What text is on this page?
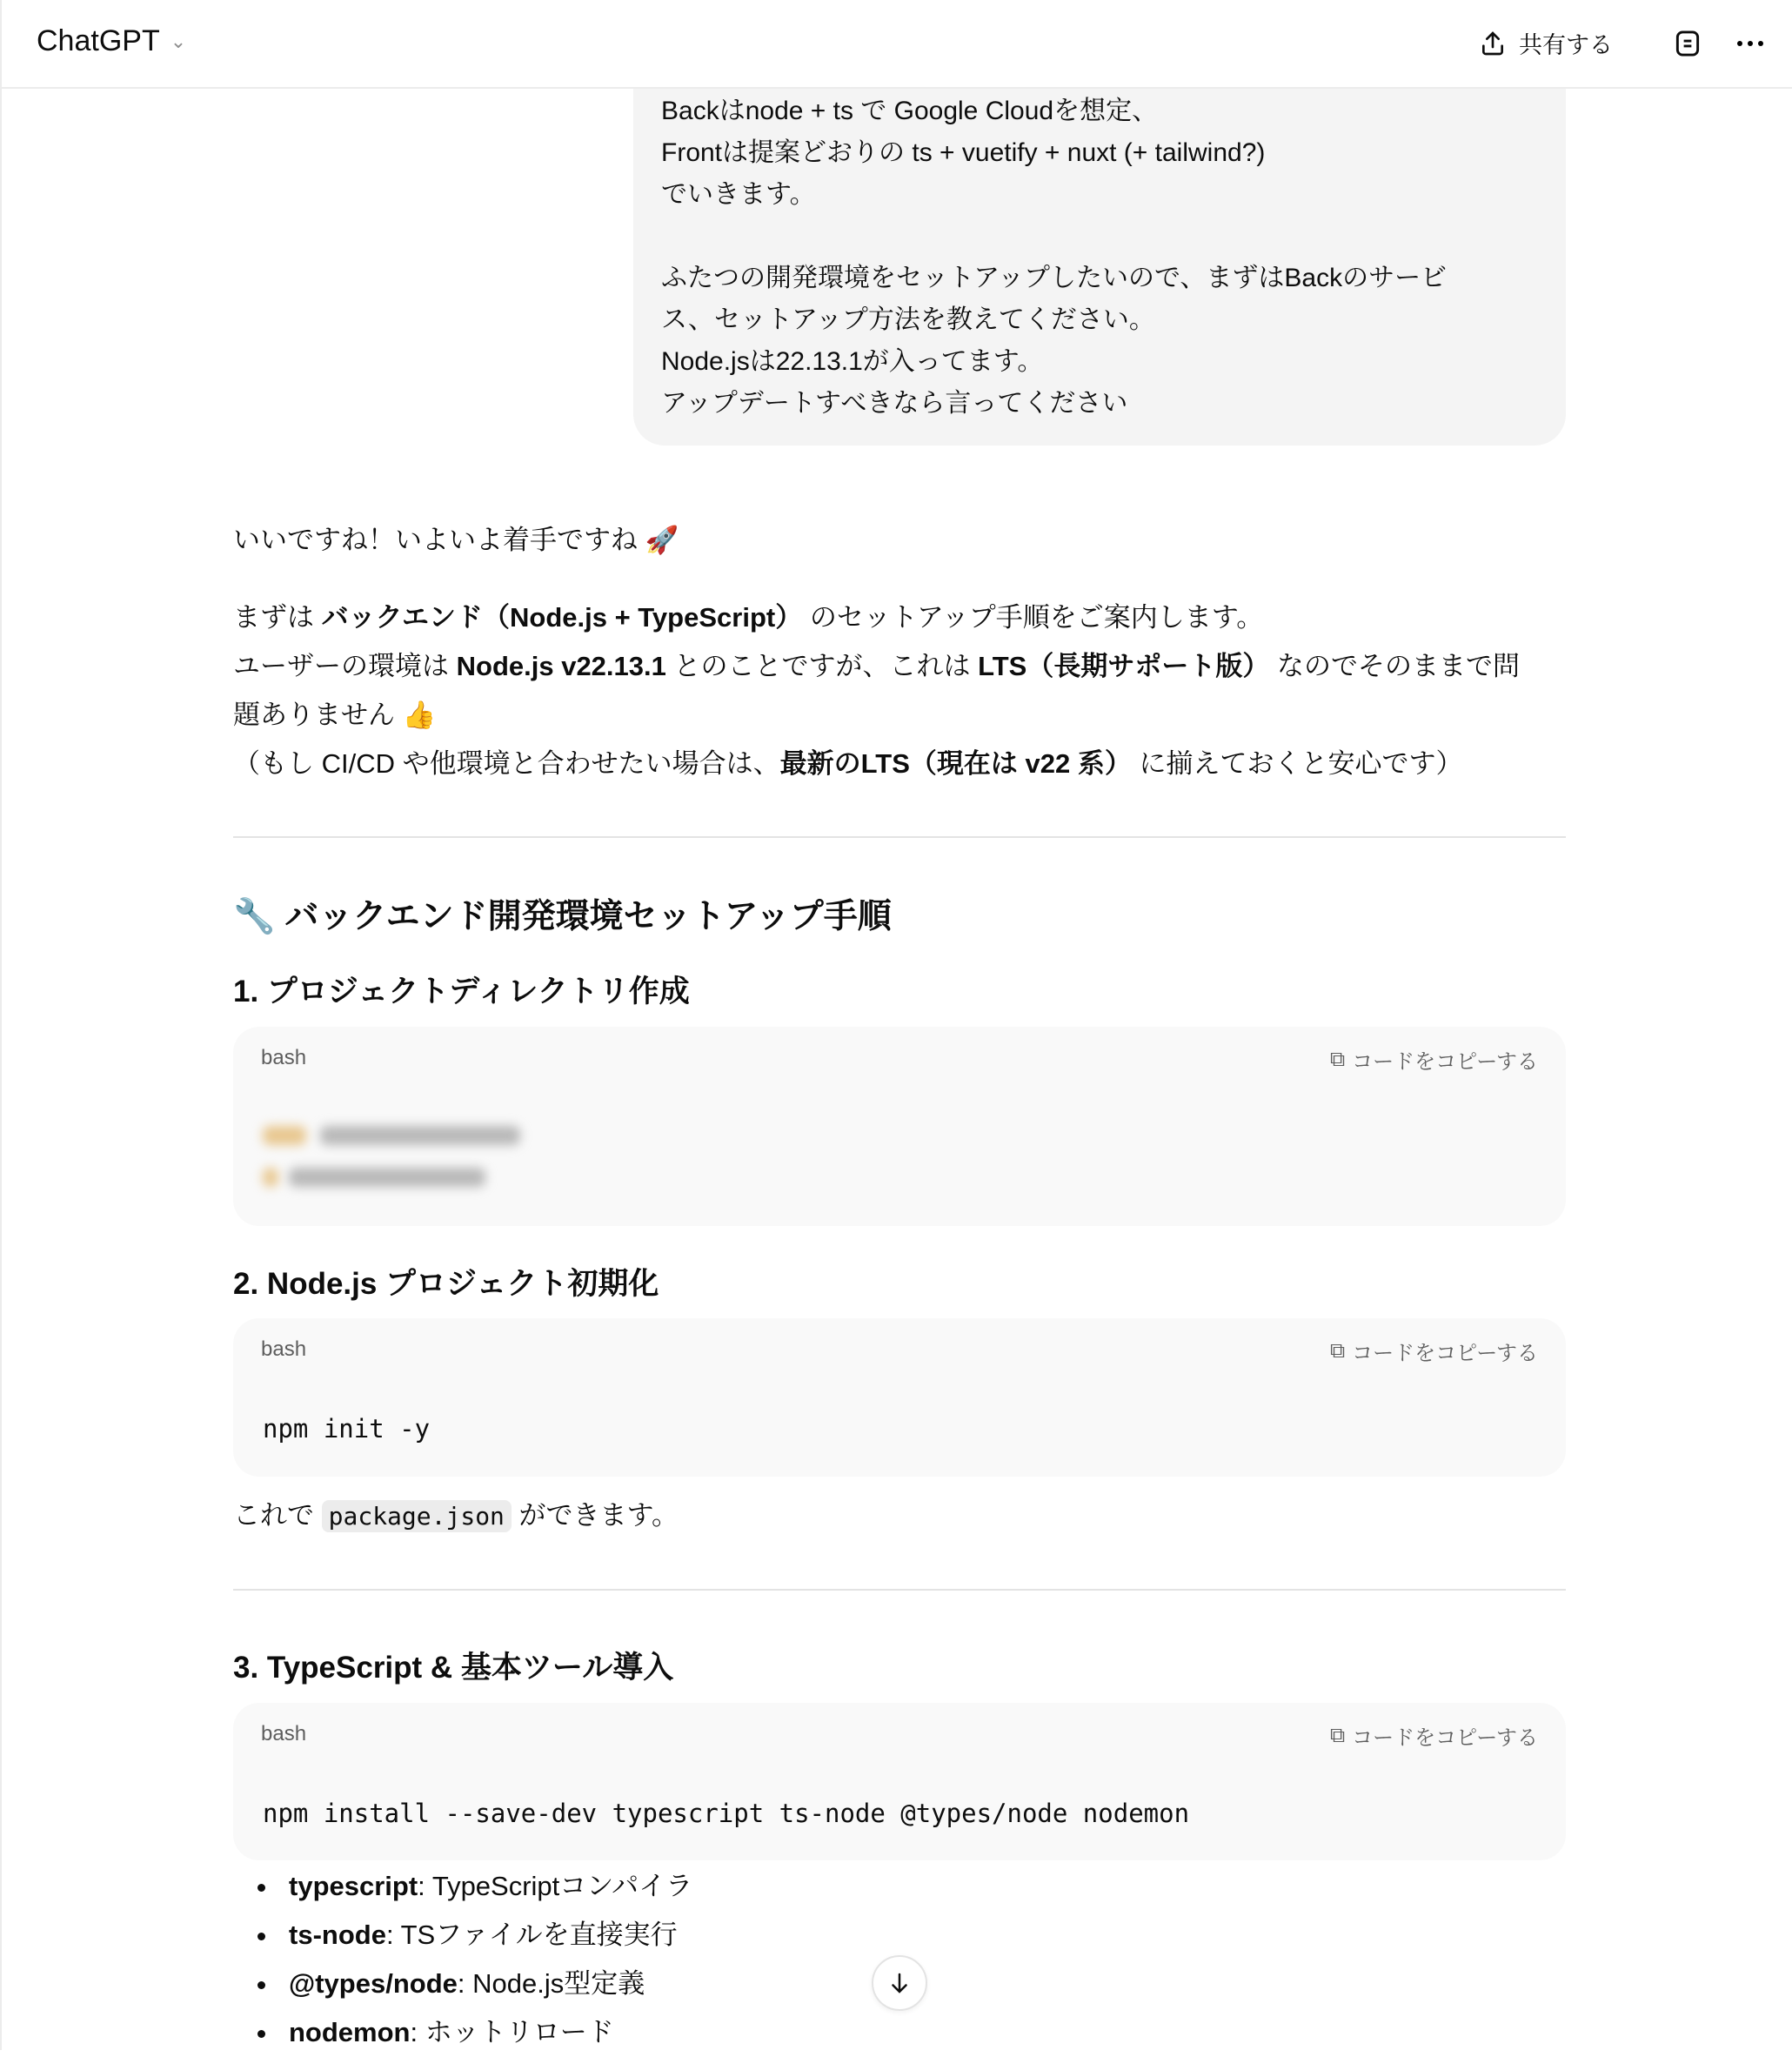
ChatGPT ⌄	共有する
Backはnode + ts で Google Cloudを想定、
Frontは提案どおりの ts + vuetify + nuxt (+ tailwind?)
でいきます。
ふたつの開発環境をセットアップしたいので、まずはBackのサービ
ス、セットアップ方法を教えてください。
Node.jsは22.13.1が入ってます。
アップデートすべきなら言ってください
いいですね！いよいよ着手ですね 🚀
まずは バックエンド（Node.js + TypeScript） のセットアップ手順をご案内します。
ユーザーの環境は Node.js v22.13.1 とのことですが、これは LTS（長期サポート版） なのでそのままで問
題ありません 👍
（もし CI/CD や他環境と合わせたい場合は、最新のLTS（現在は v22 系） に揃えておくと安心です）
🔧 バックエンド開発環境セットアップ手順
1. プロジェクトディレクトリ作成
bash	⧉ コードをコピーする
2. Node.js プロジェクト初期化
bash	⧉ コードをコピーする
npm init -y
これで package.json ができます。
3. TypeScript & 基本ツール導入
bash	⧉ コードをコピーする
npm install --save-dev typescript ts-node @types/node nodemon
typescript: TypeScriptコンパイラ
ts-node: TSファイルを直接実行
@types/node: Node.js型定義
nodemon: ホットリロード
